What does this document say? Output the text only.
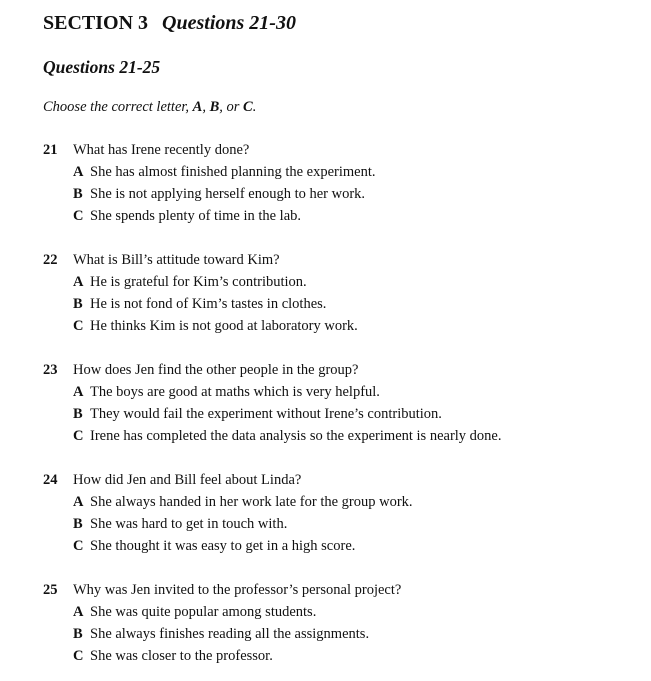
SECTION 3 Questions 21-30
Questions 21-25
Choose the correct letter, A, B, or C.
21 What has Irene recently done?
A She has almost finished planning the experiment.
B She is not applying herself enough to her work.
C She spends plenty of time in the lab.
22 What is Bill’s attitude toward Kim?
A He is grateful for Kim’s contribution.
B He is not fond of Kim’s tastes in clothes.
C He thinks Kim is not good at laboratory work.
23 How does Jen find the other people in the group?
A The boys are good at maths which is very helpful.
B They would fail the experiment without Irene’s contribution.
C Irene has completed the data analysis so the experiment is nearly done.
24 How did Jen and Bill feel about Linda?
A She always handed in her work late for the group work.
B She was hard to get in touch with.
C She thought it was easy to get in a high score.
25 Why was Jen invited to the professor’s personal project?
A She was quite popular among students.
B She always finishes reading all the assignments.
C She was closer to the professor.
